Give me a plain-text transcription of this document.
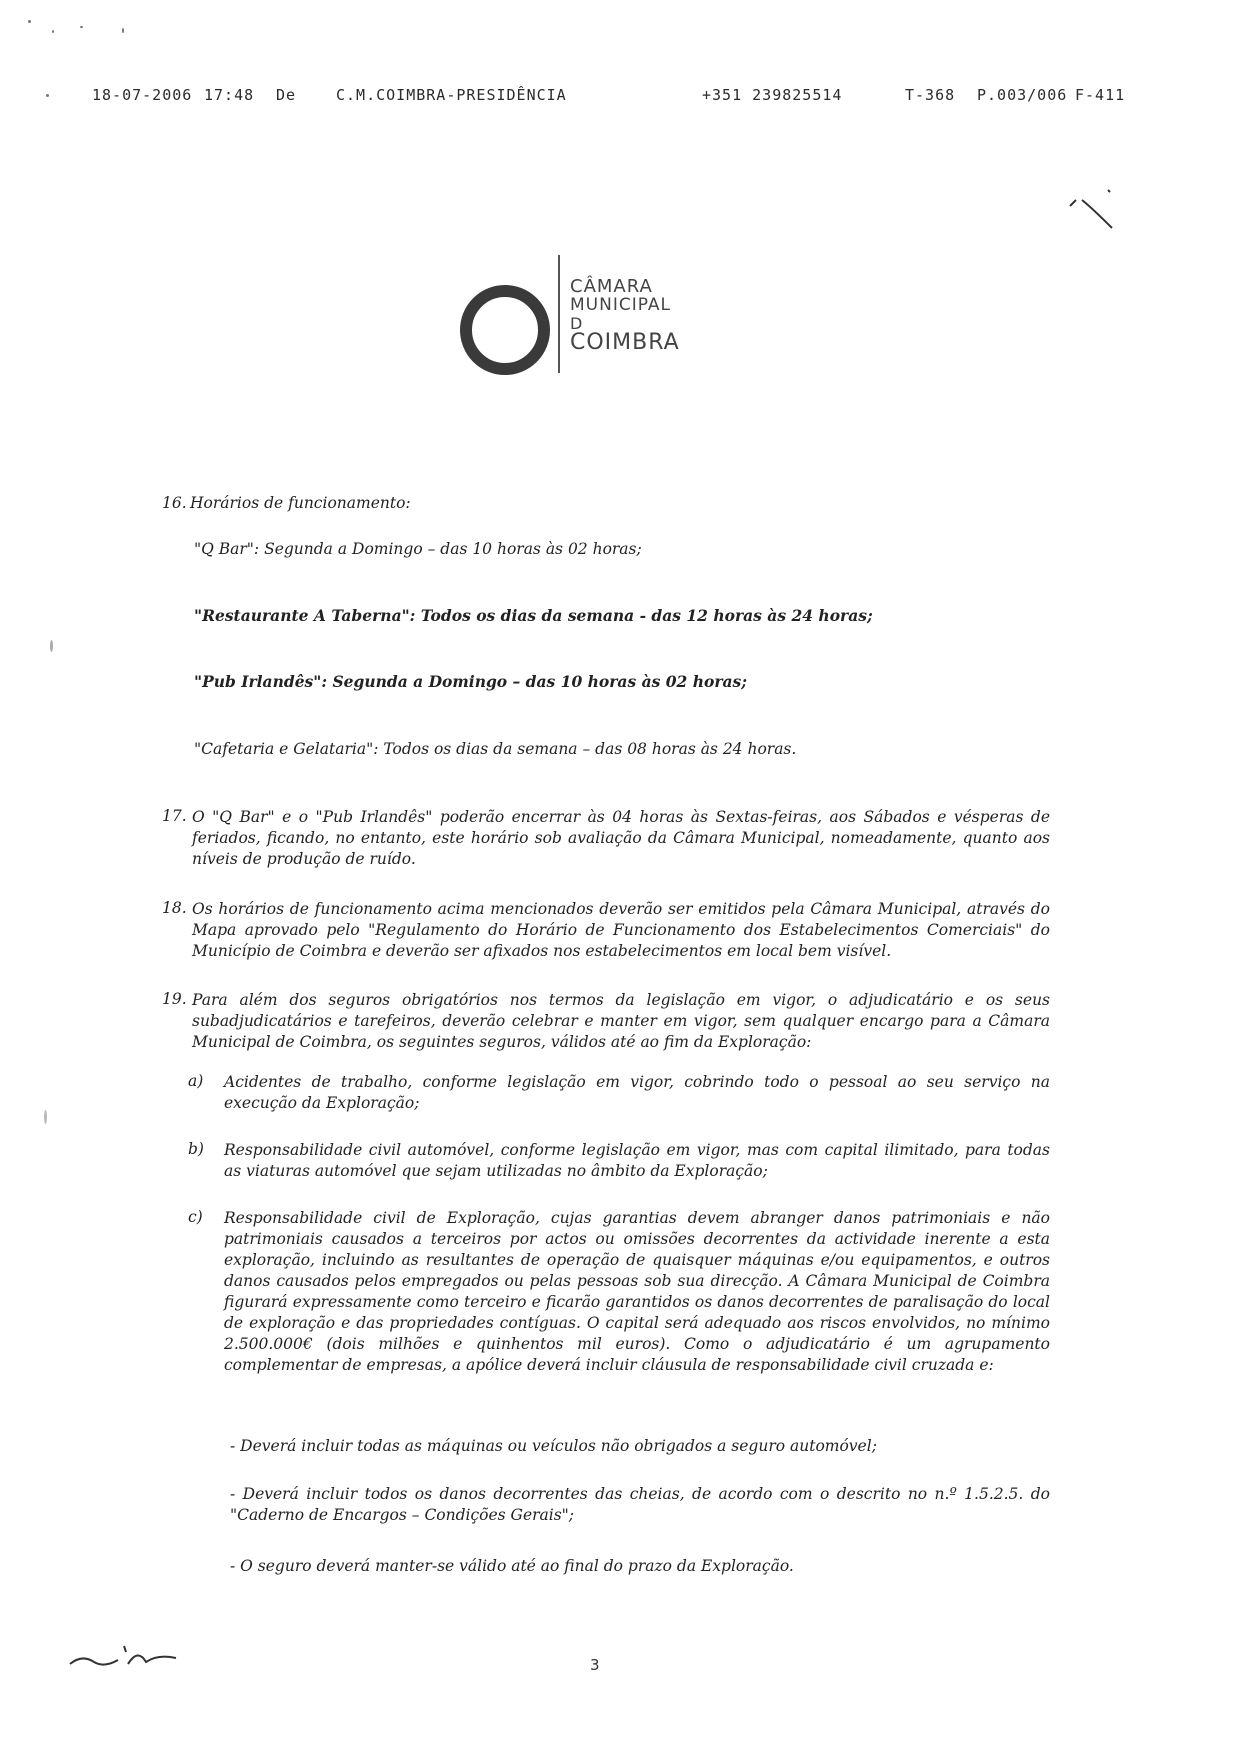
18-07-2006 17:48 De	C.M.COIMBRA-PRESIDÊNCIA	+351 239825514	T-368 P.003/006 F-411
CÂMARA
MUNICIPAL
D
COIMBRA
16. Horários de funcionamento:
"Q Bar": Segunda a Domingo – das 10 horas às 02 horas;
"Restaurante A Taberna": Todos os dias da semana - das 12 horas às 24 horas;
"Pub Irlandês": Segunda a Domingo – das 10 horas às 02 horas;
"Cafetaria e Gelataria": Todos os dias da semana – das 08 horas às 24 horas.
17. O "Q Bar" e o "Pub Irlandês" poderão encerrar às 04 horas às Sextas-feiras, aos Sábados e vésperas de feriados, ficando, no entanto, este horário sob avaliação da Câmara Municipal, nomeadamente, quanto aos níveis de produção de ruído.
18. Os horários de funcionamento acima mencionados deverão ser emitidos pela Câmara Municipal, através do Mapa aprovado pelo "Regulamento do Horário de Funcionamento dos Estabelecimentos Comerciais" do Município de Coimbra e deverão ser afixados nos estabelecimentos em local bem visível.
19. Para além dos seguros obrigatórios nos termos da legislação em vigor, o adjudicatário e os seus subadjudicatários e tarefeiros, deverão celebrar e manter em vigor, sem qualquer encargo para a Câmara Municipal de Coimbra, os seguintes seguros, válidos até ao fim da Exploração:
a) Acidentes de trabalho, conforme legislação em vigor, cobrindo todo o pessoal ao seu serviço na execução da Exploração;
b) Responsabilidade civil automóvel, conforme legislação em vigor, mas com capital ilimitado, para todas as viaturas automóvel que sejam utilizadas no âmbito da Exploração;
c) Responsabilidade civil de Exploração, cujas garantias devem abranger danos patrimoniais e não patrimoniais causados a terceiros por actos ou omissões decorrentes da actividade inerente a esta exploração, incluindo as resultantes de operação de quaisquer máquinas e/ou equipamentos, e outros danos causados pelos empregados ou pelas pessoas sob sua direcção. A Câmara Municipal de Coimbra figurará expressamente como terceiro e ficarão garantidos os danos decorrentes de paralisação do local de exploração e das propriedades contíguas. O capital será adequado aos riscos envolvidos, no mínimo 2.500.000€ (dois milhões e quinhentos mil euros). Como o adjudicatário é um agrupamento complementar de empresas, a apólice deverá incluir cláusula de responsabilidade civil cruzada e:
- Deverá incluir todas as máquinas ou veículos não obrigados a seguro automóvel;
- Deverá incluir todos os danos decorrentes das cheias, de acordo com o descrito no n.º 1.5.2.5. do "Caderno de Encargos – Condições Gerais";
- O seguro deverá manter-se válido até ao final do prazo da Exploração.
3
